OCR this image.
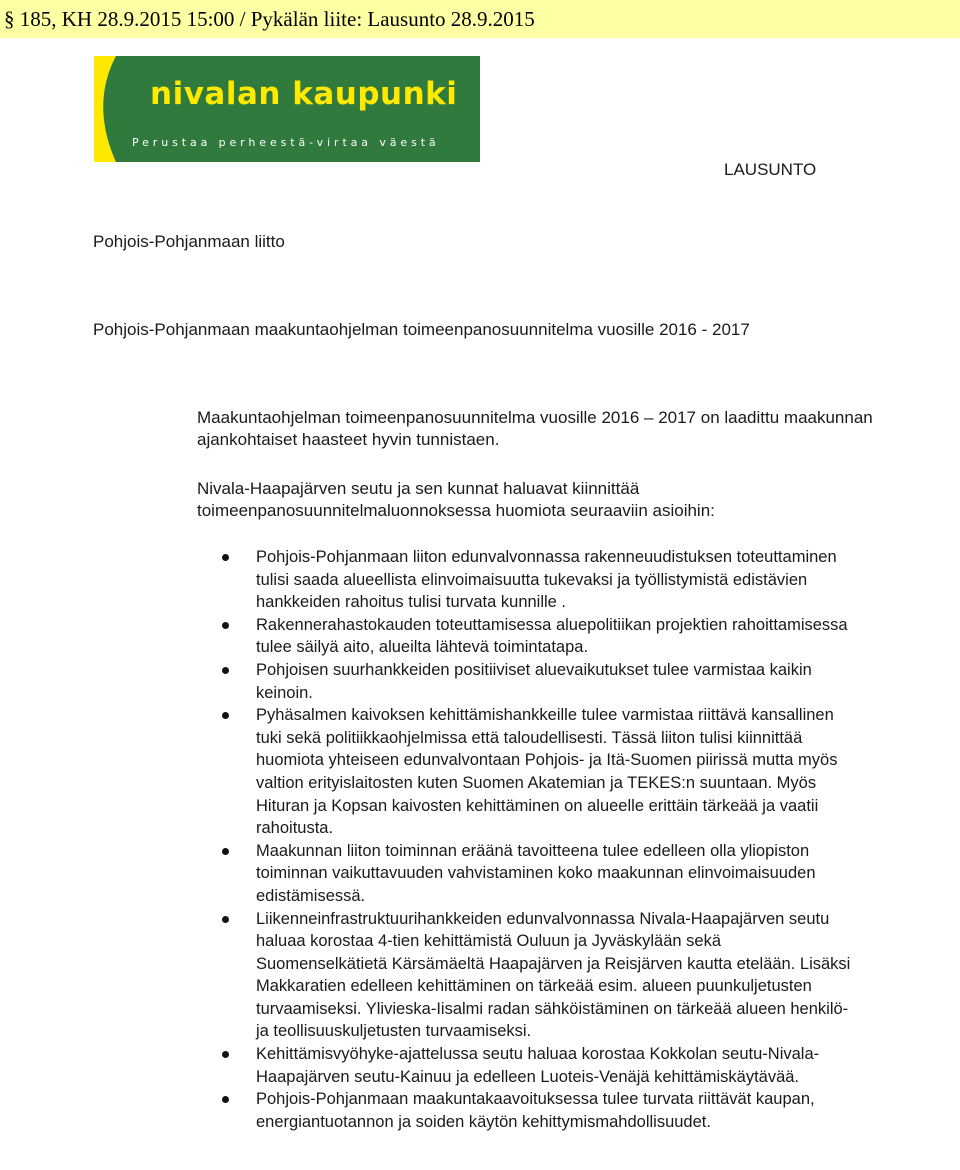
§ 185, KH 28.9.2015 15:00 / Pykälän liite: Lausunto 28.9.2015
nivalan kaupunki
Perustaa perheestä-virtaa väestä
LAUSUNTO
Pohjois-Pohjanmaan liitto
Pohjois-Pohjanmaan maakuntaohjelman toimeenpanosuunnitelma vuosille 2016 - 2017
Maakuntaohjelman toimeenpanosuunnitelma vuosille 2016 – 2017 on laadittu maakunnan ajankohtaiset haasteet hyvin tunnistaen.
Nivala-Haapajärven seutu ja sen kunnat haluavat kiinnittää toimeenpanosuunnitelmaluonnoksessa huomiota seuraaviin asioihin:
Pohjois-Pohjanmaan liiton edunvalvonnassa rakenneuudistuksen toteuttaminen tulisi saada alueellista elinvoimaisuutta tukevaksi ja työllistymistä edistävien hankkeiden rahoitus tulisi turvata kunnille .
Rakennerahastokauden toteuttamisessa aluepolitiikan projektien rahoittamisessa tulee säilyä aito, alueilta lähtevä toimintatapa.
Pohjoisen suurhankkeiden positiiviset aluevaikutukset tulee varmistaa kaikin keinoin.
Pyhäsalmen kaivoksen kehittämishankkeille tulee varmistaa riittävä kansallinen tuki sekä politiikkaohjelmissa että taloudellisesti. Tässä liiton tulisi kiinnittää huomiota yhteiseen edunvalvontaan Pohjois- ja Itä-Suomen piirissä mutta myös valtion erityislaitosten kuten Suomen Akatemian ja TEKES:n suuntaan. Myös Hituran ja Kopsan kaivosten kehittäminen on alueelle erittäin tärkeää ja vaatii rahoitusta.
Maakunnan liiton toiminnan eräänä tavoitteena tulee edelleen olla yliopiston toiminnan vaikuttavuuden vahvistaminen koko maakunnan elinvoimaisuuden edistämisessä.
Liikenneinfrastruktuurihankkeiden edunvalvonnassa Nivala-Haapajärven seutu haluaa korostaa 4-tien kehittämistä Ouluun ja Jyväskylään sekä Suomenselkätietä Kärsämäeltä Haapajärven ja Reisjärven kautta etelään. Lisäksi Makkaratien edelleen kehittäminen on tärkeää esim. alueen puunkuljetusten turvaamiseksi. Ylivieska-Iisalmi radan sähköistäminen on tärkeää alueen henkilö- ja teollisuuskuljetusten turvaamiseksi.
Kehittämisvyöhyke-ajattelussa seutu haluaa korostaa Kokkolan seutu-Nivala-Haapajärven seutu-Kainuu ja edelleen Luoteis-Venäjä kehittämiskäytävää.
Pohjois-Pohjanmaan maakuntakaavoituksessa tulee turvata riittävät kaupan, energiantuotannon ja soiden käytön kehittymismahdollisuudet.
